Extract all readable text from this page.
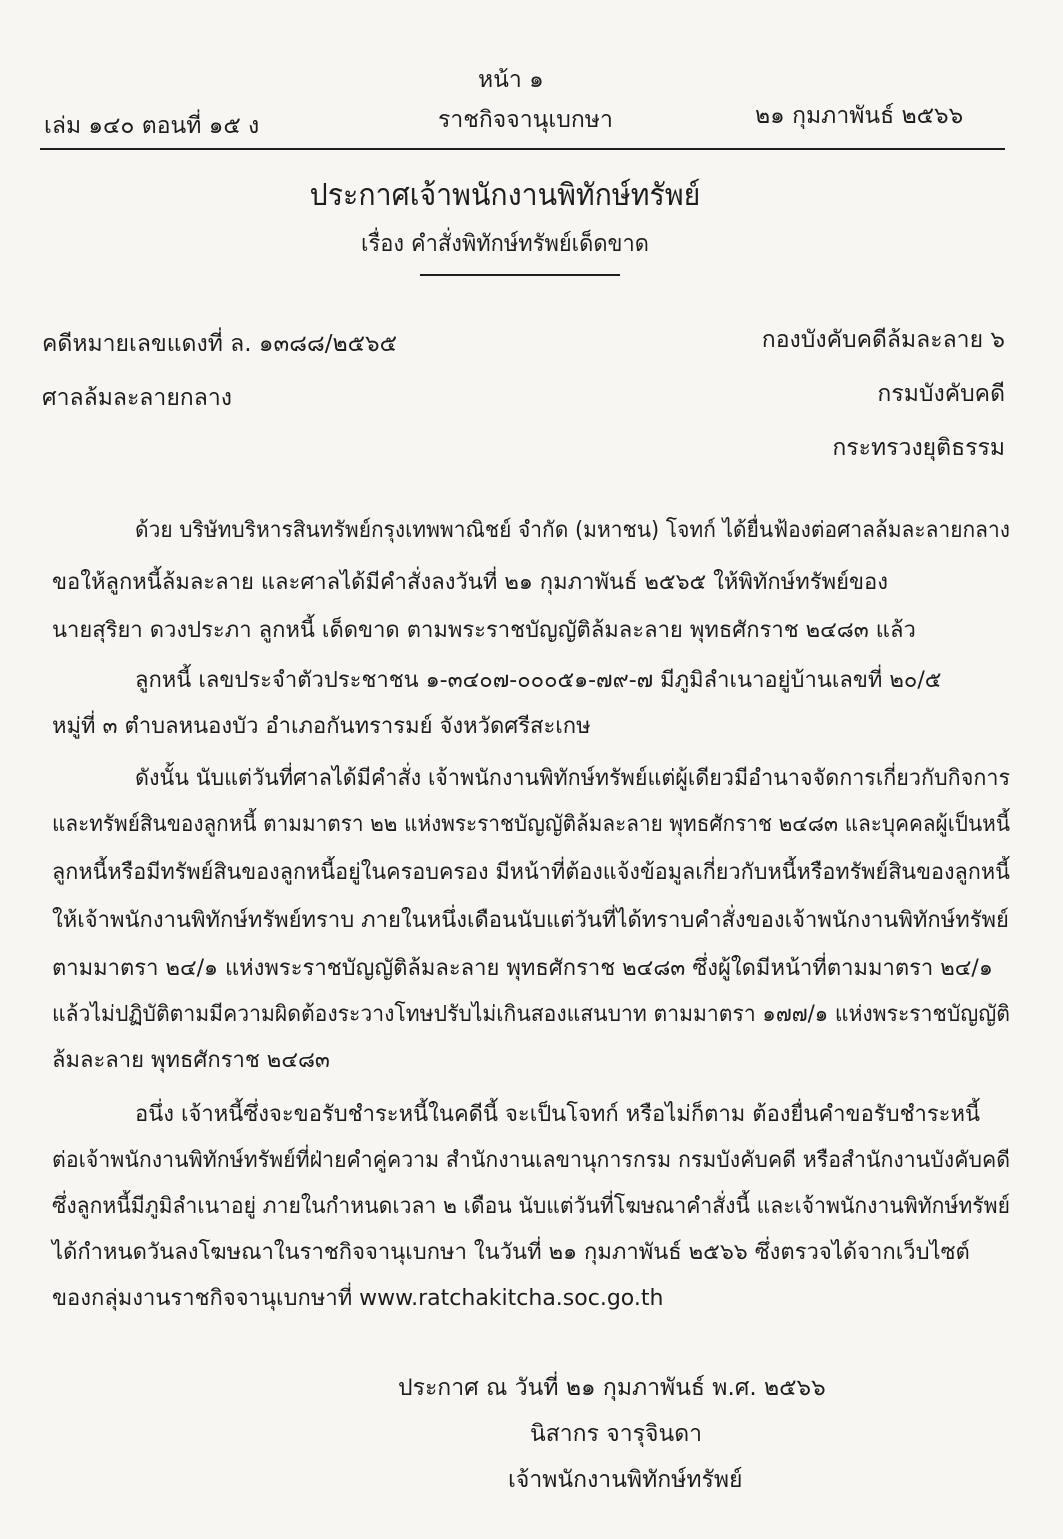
หน้า ๑
เล่ม ๑๔๐ ตอนที่ ๑๕ ง	ราชกิจจานุเบกษา	๒๑ กุมภาพันธ์ ๒๕๖๖
ประกาศเจ้าพนักงานพิทักษ์ทรัพย์
เรื่อง คำสั่งพิทักษ์ทรัพย์เด็ดขาด
คดีหมายเลขแดงที่ ล. ๑๓๘๘/๒๕๖๕
ศาลล้มละลายกลาง
กองบังคับคดีล้มละลาย ๖
กรมบังคับคดี
กระทรวงยุติธรรม
ด้วย บริษัทบริหารสินทรัพย์กรุงเทพพาณิชย์ จำกัด (มหาชน) โจทก์ ได้ยื่นฟ้องต่อศาลล้มละลายกลาง
ขอให้ลูกหนี้ล้มละลาย และศาลได้มีคำสั่งลงวันที่ ๒๑ กุมภาพันธ์ ๒๕๖๕ ให้พิทักษ์ทรัพย์ของ
นายสุริยา ดวงประภา ลูกหนี้ เด็ดขาด ตามพระราชบัญญัติล้มละลาย พุทธศักราช ๒๔๘๓ แล้ว
ลูกหนี้ เลขประจำตัวประชาชน ๑-๓๔๐๗-๐๐๐๕๑-๗๙-๗ มีภูมิลำเนาอยู่บ้านเลขที่ ๒๐/๕
หมู่ที่ ๓ ตำบลหนองบัว อำเภอกันทรารมย์ จังหวัดศรีสะเกษ
ดังนั้น นับแต่วันที่ศาลได้มีคำสั่ง เจ้าพนักงานพิทักษ์ทรัพย์แต่ผู้เดียวมีอำนาจจัดการเกี่ยวกับกิจการ
และทรัพย์สินของลูกหนี้ ตามมาตรา ๒๒ แห่งพระราชบัญญัติล้มละลาย พุทธศักราช ๒๔๘๓ และบุคคลผู้เป็นหนี้
ลูกหนี้หรือมีทรัพย์สินของลูกหนี้อยู่ในครอบครอง มีหน้าที่ต้องแจ้งข้อมูลเกี่ยวกับหนี้หรือทรัพย์สินของลูกหนี้
ให้เจ้าพนักงานพิทักษ์ทรัพย์ทราบ ภายในหนึ่งเดือนนับแต่วันที่ได้ทราบคำสั่งของเจ้าพนักงานพิทักษ์ทรัพย์
ตามมาตรา ๒๔/๑ แห่งพระราชบัญญัติล้มละลาย พุทธศักราช ๒๔๘๓ ซึ่งผู้ใดมีหน้าที่ตามมาตรา ๒๔/๑
แล้วไม่ปฏิบัติตามมีความผิดต้องระวางโทษปรับไม่เกินสองแสนบาท ตามมาตรา ๑๗๗/๑ แห่งพระราชบัญญัติ
ล้มละลาย พุทธศักราช ๒๔๘๓
อนึ่ง เจ้าหนี้ซึ่งจะขอรับชำระหนี้ในคดีนี้ จะเป็นโจทก์ หรือไม่ก็ตาม ต้องยื่นคำขอรับชำระหนี้
ต่อเจ้าพนักงานพิทักษ์ทรัพย์ที่ฝ่ายคำคู่ความ สำนักงานเลขานุการกรม กรมบังคับคดี หรือสำนักงานบังคับคดี
ซึ่งลูกหนี้มีภูมิลำเนาอยู่ ภายในกำหนดเวลา ๒ เดือน นับแต่วันที่โฆษณาคำสั่งนี้ และเจ้าพนักงานพิทักษ์ทรัพย์
ได้กำหนดวันลงโฆษณาในราชกิจจานุเบกษา ในวันที่ ๒๑ กุมภาพันธ์ ๒๕๖๖ ซึ่งตรวจได้จากเว็บไซต์
ของกลุ่มงานราชกิจจานุเบกษาที่ www.ratchakitcha.soc.go.th
ประกาศ ณ วันที่ ๒๑ กุมภาพันธ์ พ.ศ. ๒๕๖๖
นิสากร จารุจินดา
เจ้าพนักงานพิทักษ์ทรัพย์
